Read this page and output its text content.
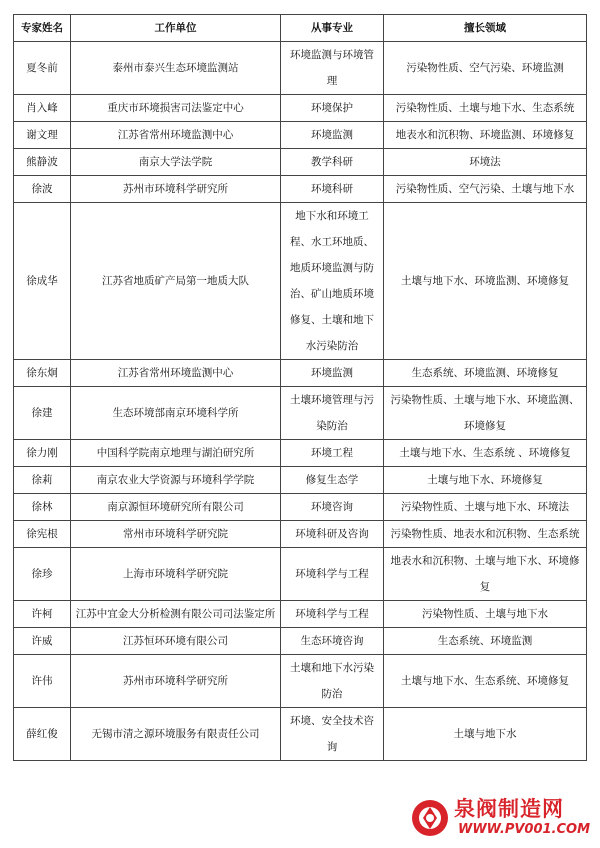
专家姓名	工作单位	从事专业	擅长领域
夏冬前	泰州市泰兴生态环境监测站	环境监测与环境管理	污染物性质、空气污染、环境监测
肖入峰	重庆市环境损害司法鉴定中心	环境保护	污染物性质、土壤与地下水、生态系统
谢文理	江苏省常州环境监测中心	环境监测	地表水和沉积物、环境监测、环境修复
熊静波	南京大学法学院	教学科研	环境法
徐波	苏州市环境科学研究所	环境科研	污染物性质、空气污染、土壤与地下水
徐成华	江苏省地质矿产局第一地质大队	地下水和环境工程、水工环地质、地质环境监测与防治、矿山地质环境修复、土壤和地下水污染防治	土壤与地下水、环境监测、环境修复
徐东炯	江苏省常州环境监测中心	环境监测	生态系统、环境监测、环境修复
徐建	生态环境部南京环境科学所	土壤环境管理与污染防治	污染物性质、土壤与地下水、环境监测、环境修复
徐力刚	中国科学院南京地理与湖泊研究所	环境工程	土壤与地下水、生态系统 、环境修复
徐莉	南京农业大学资源与环境科学学院	修复生态学	土壤与地下水、环境修复
徐林	南京源恒环境研究所有限公司	环境咨询	污染物性质、土壤与地下水、环境法
徐宪根	常州市环境科学研究院	环境科研及咨询	污染物性质、地表水和沉积物、生态系统
徐珍	上海市环境科学研究院	环境科学与工程	地表水和沉积物、土壤与地下水、环境修复
许柯	江苏中宜金大分析检测有限公司司法鉴定所	环境科学与工程	污染物性质、土壤与地下水
许威	江苏恒环环境有限公司	生态环境咨询	生态系统、环境监测
许伟	苏州市环境科学研究所	土壤和地下水污染防治	土壤与地下水、生态系统、环境修复
薛红俊	无锡市清之源环境服务有限责任公司	环境、安全技术咨询	土壤与地下水
泉阀制造网
WWW.PV001.COM
